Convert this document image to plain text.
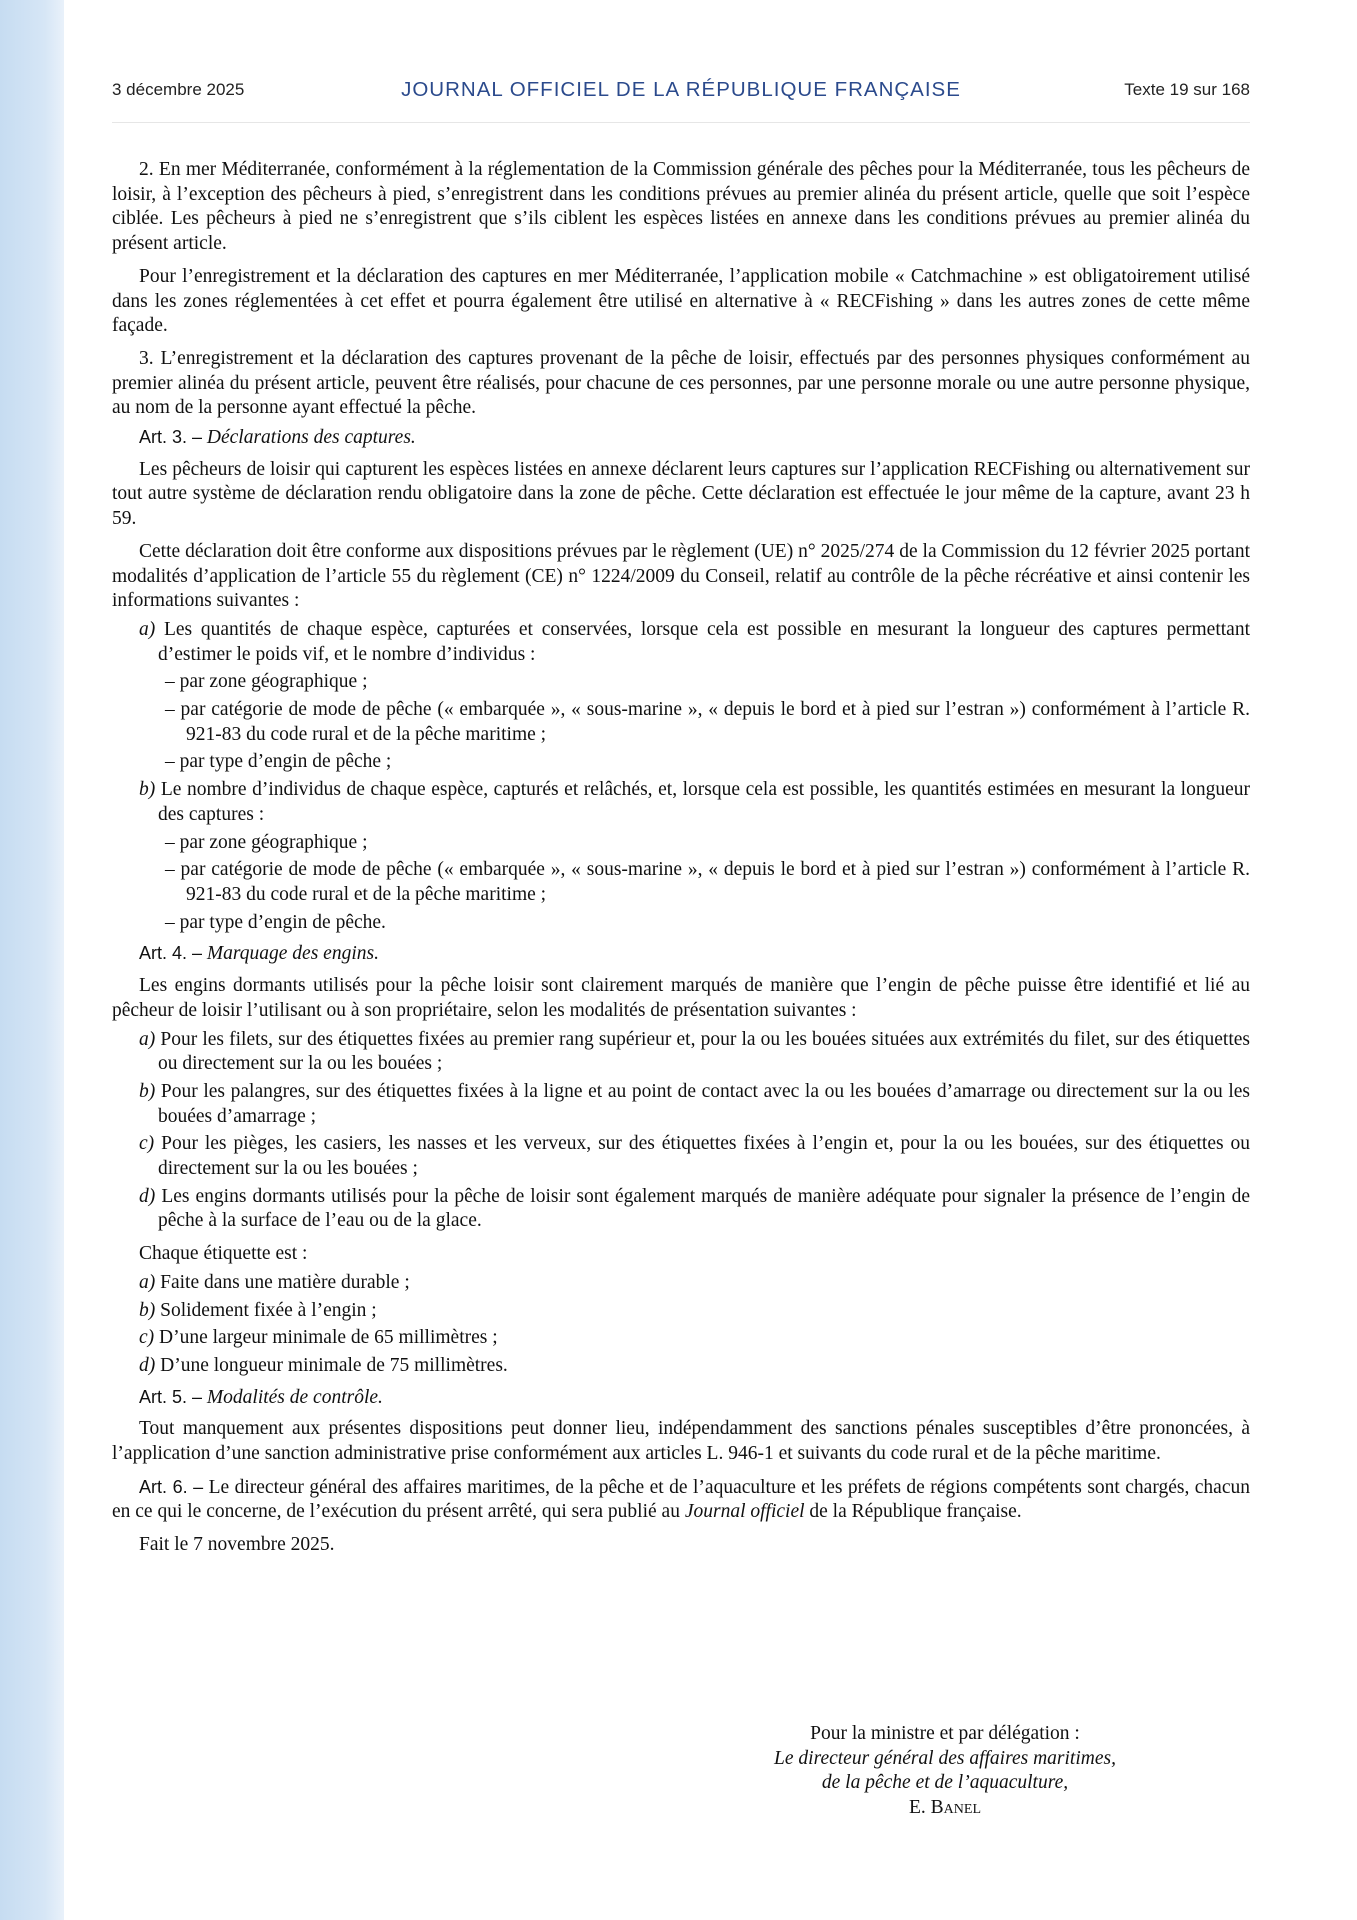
3 décembre 2025	JOURNAL OFFICIEL DE LA RÉPUBLIQUE FRANÇAISE	Texte 19 sur 168

2. En mer Méditerranée, conformément à la réglementation de la Commission générale des pêches pour la Méditerranée, tous les pêcheurs de loisir, à l’exception des pêcheurs à pied, s’enregistrent dans les conditions prévues au premier alinéa du présent article, quelle que soit l’espèce ciblée. Les pêcheurs à pied ne s’enregistrent que s’ils ciblent les espèces listées en annexe dans les conditions prévues au premier alinéa du présent article.

Pour l’enregistrement et la déclaration des captures en mer Méditerranée, l’application mobile « Catchmachine » est obligatoirement utilisé dans les zones réglementées à cet effet et pourra également être utilisé en alternative à « RECFishing » dans les autres zones de cette même façade.

3. L’enregistrement et la déclaration des captures provenant de la pêche de loisir, effectués par des personnes physiques conformément au premier alinéa du présent article, peuvent être réalisés, pour chacune de ces personnes, par une personne morale ou une autre personne physique, au nom de la personne ayant effectué la pêche.

Art. 3. – Déclarations des captures.

Les pêcheurs de loisir qui capturent les espèces listées en annexe déclarent leurs captures sur l’application RECFishing ou alternativement sur tout autre système de déclaration rendu obligatoire dans la zone de pêche. Cette déclaration est effectuée le jour même de la capture, avant 23 h 59.

Cette déclaration doit être conforme aux dispositions prévues par le règlement (UE) n° 2025/274 de la Commission du 12 février 2025 portant modalités d’application de l’article 55 du règlement (CE) n° 1224/2009 du Conseil, relatif au contrôle de la pêche récréative et ainsi contenir les informations suivantes :

a) Les quantités de chaque espèce, capturées et conservées, lorsque cela est possible en mesurant la longueur des captures permettant d’estimer le poids vif, et le nombre d’individus :
– par zone géographique ;
– par catégorie de mode de pêche (« embarquée », « sous-marine », « depuis le bord et à pied sur l’estran ») conformément à l’article R. 921-83 du code rural et de la pêche maritime ;
– par type d’engin de pêche ;
b) Le nombre d’individus de chaque espèce, capturés et relâchés, et, lorsque cela est possible, les quantités estimées en mesurant la longueur des captures :
– par zone géographique ;
– par catégorie de mode de pêche (« embarquée », « sous-marine », « depuis le bord et à pied sur l’estran ») conformément à l’article R. 921-83 du code rural et de la pêche maritime ;
– par type d’engin de pêche.
Art. 4. – Marquage des engins.

Les engins dormants utilisés pour la pêche loisir sont clairement marqués de manière que l’engin de pêche puisse être identifié et lié au pêcheur de loisir l’utilisant ou à son propriétaire, selon les modalités de présentation suivantes :

a) Pour les filets, sur des étiquettes fixées au premier rang supérieur et, pour la ou les bouées situées aux extrémités du filet, sur des étiquettes ou directement sur la ou les bouées ;
b) Pour les palangres, sur des étiquettes fixées à la ligne et au point de contact avec la ou les bouées d’amarrage ou directement sur la ou les bouées d’amarrage ;
c) Pour les pièges, les casiers, les nasses et les verveux, sur des étiquettes fixées à l’engin et, pour la ou les bouées, sur des étiquettes ou directement sur la ou les bouées ;
d) Les engins dormants utilisés pour la pêche de loisir sont également marqués de manière adéquate pour signaler la présence de l’engin de pêche à la surface de l’eau ou de la glace.

Chaque étiquette est :

a) Faite dans une matière durable ;
b) Solidement fixée à l’engin ;
c) D’une largeur minimale de 65 millimètres ;
d) D’une longueur minimale de 75 millimètres.
Art. 5. – Modalités de contrôle.

Tout manquement aux présentes dispositions peut donner lieu, indépendamment des sanctions pénales susceptibles d’être prononcées, à l’application d’une sanction administrative prise conformément aux articles L. 946-1 et suivants du code rural et de la pêche maritime.

Art. 6. – Le directeur général des affaires maritimes, de la pêche et de l’aquaculture et les préfets de régions compétents sont chargés, chacun en ce qui le concerne, de l’exécution du présent arrêté, qui sera publié au Journal officiel de la République française.

Fait le 7 novembre 2025.

Pour la ministre et par délégation :
Le directeur général des affaires maritimes,
de la pêche et de l’aquaculture,
E. Banel
